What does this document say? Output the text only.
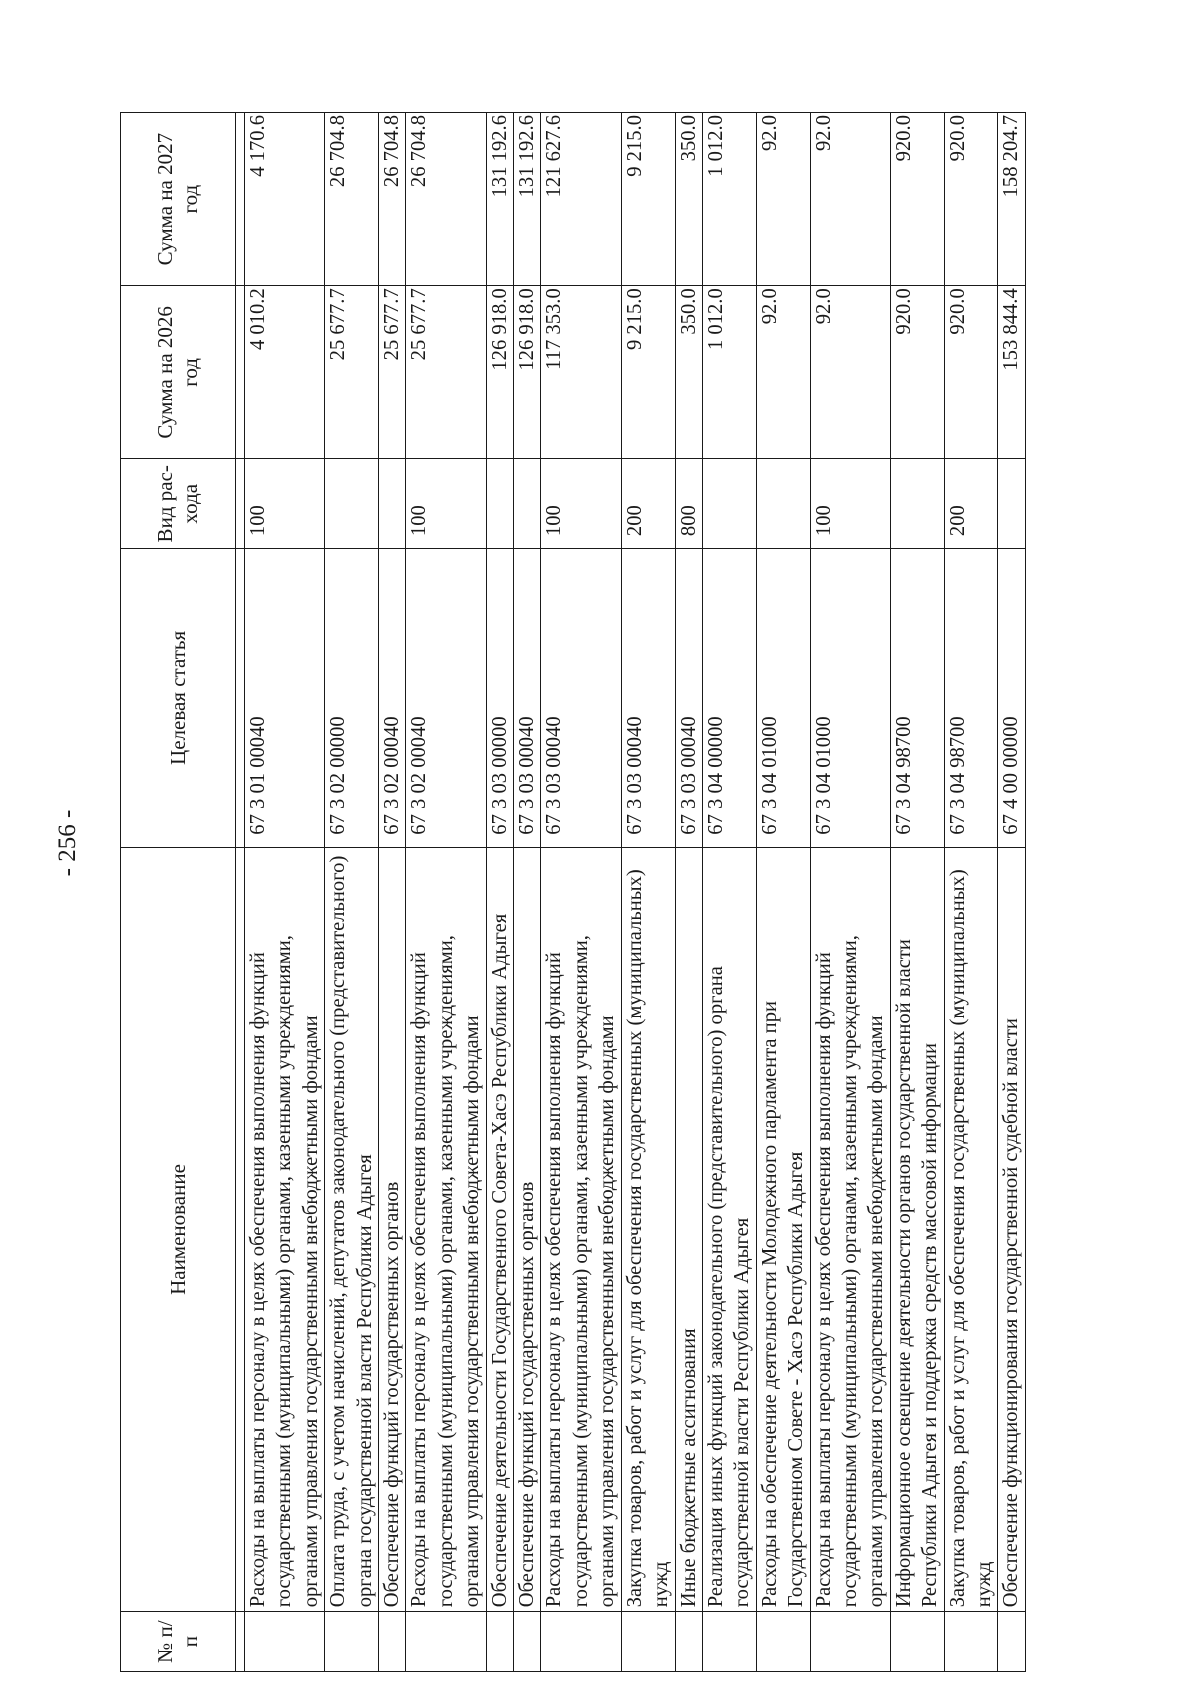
- 256 -
№ п/п	Наименование	Целевая статья	Вид рас-хода	Сумма на 2026 год	Сумма на 2027 год

	Расходы на выплаты персоналу в целях обеспечения выполнения функций государственными (муниципальными) органами, казенными учреждениями, органами управления государственными внебюджетными фондами	67 3 01 00040	100	4 010.2	4 170.6
	Оплата труда, с учетом начислений, депутатов законодательного (представительного) органа государственной власти Республики Адыгея	67 3 02 00000		25 677.7	26 704.8
	Обеспечение функций государственных органов	67 3 02 00040		25 677.7	26 704.8
	Расходы на выплаты персоналу в целях обеспечения выполнения функций государственными (муниципальными) органами, казенными учреждениями, органами управления государственными внебюджетными фондами	67 3 02 00040	100	25 677.7	26 704.8
	Обеспечение деятельности Государственного Совета-Хасэ Республики Адыгея	67 3 03 00000		126 918.0	131 192.6
	Обеспечение функций государственных органов	67 3 03 00040		126 918.0	131 192.6
	Расходы на выплаты персоналу в целях обеспечения выполнения функций государственными (муниципальными) органами, казенными учреждениями, органами управления государственными внебюджетными фондами	67 3 03 00040	100	117 353.0	121 627.6
	Закупка товаров, работ и услуг для обеспечения государственных (муниципальных) нужд	67 3 03 00040	200	9 215.0	9 215.0
	Иные бюджетные ассигнования	67 3 03 00040	800	350.0	350.0
	Реализация иных функций законодательного (представительного) органа государственной власти Республики Адыгея	67 3 04 00000		1 012.0	1 012.0
	Расходы на обеспечение деятельности Молодежного парламента при Государственном Совете - Хасэ Республики Адыгея	67 3 04 01000		92.0	92.0
	Расходы на выплаты персоналу в целях обеспечения выполнения функций государственными (муниципальными) органами, казенными учреждениями, органами управления государственными внебюджетными фондами	67 3 04 01000	100	92.0	92.0
	Информационное освещение деятельности органов государственной власти Республики Адыгея и поддержка средств массовой информации	67 3 04 98700		920.0	920.0
	Закупка товаров, работ и услуг для обеспечения государственных (муниципальных) нужд	67 3 04 98700	200	920.0	920.0
	Обеспечение функционирования государственной судебной власти	67 4 00 00000		153 844.4	158 204.7
